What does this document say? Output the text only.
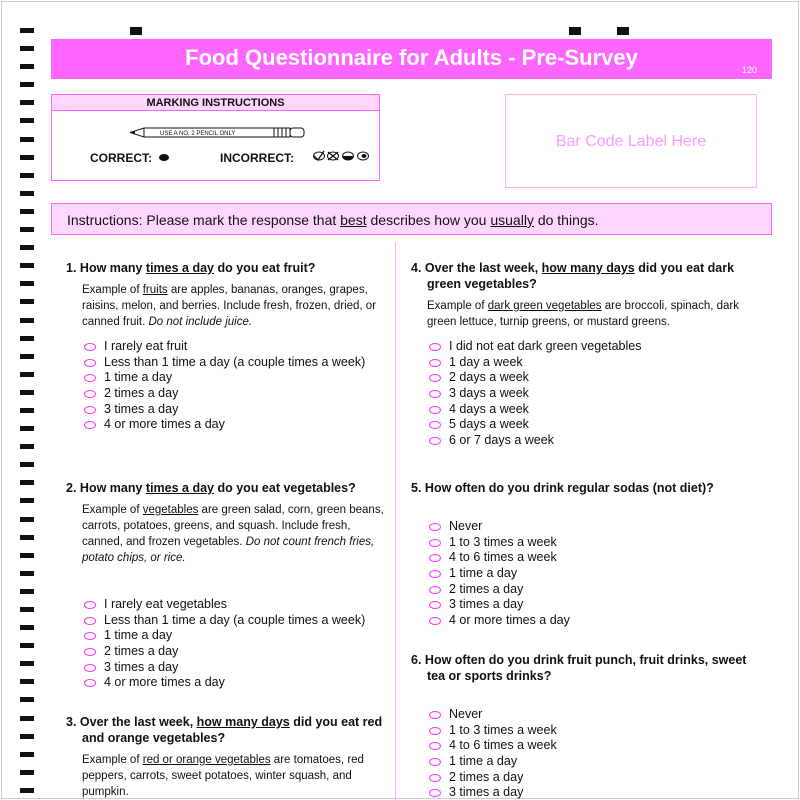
Food Questionnaire for Adults - Pre-Survey	120
MARKING INSTRUCTIONS
USE A NO. 2 PENCIL ONLY
CORRECT:	INCORRECT:
Bar Code Label Here

Instructions: Please mark the response that best describes how you usually do things.

1. How many times a day do you eat fruit?
Example of fruits are apples, bananas, oranges, grapes, raisins, melon, and berries. Include fresh, frozen, dried, or canned fruit. Do not include juice.
I rarely eat fruit
Less than 1 time a day (a couple times a week)
1 time a day
2 times a day
3 times a day
4 or more times a day
2. How many times a day do you eat vegetables?
Example of vegetables are green salad, corn, green beans, carrots, potatoes, greens, and squash. Include fresh, canned, and frozen vegetables. Do not count french fries, potato chips, or rice.
I rarely eat vegetables
Less than 1 time a day (a couple times a week)
1 time a day
2 times a day
3 times a day
4 or more times a day
3. Over the last week, how many days did you eat red and orange vegetables?
Example of red or orange vegetables are tomatoes, red peppers, carrots, sweet potatoes, winter squash, and pumpkin.
4. Over the last week, how many days did you eat dark green vegetables?
Example of dark green vegetables are broccoli, spinach, dark green lettuce, turnip greens, or mustard greens.
I did not eat dark green vegetables
1 day a week
2 days a week
3 days a week
4 days a week
5 days a week
6 or 7 days a week
5. How often do you drink regular sodas (not diet)?
Never
1 to 3 times a week
4 to 6 times a week
1 time a day
2 times a day
3 times a day
4 or more times a day
6. How often do you drink fruit punch, fruit drinks, sweet tea or sports drinks?
Never
1 to 3 times a week
4 to 6 times a week
1 time a day
2 times a day
3 times a day
